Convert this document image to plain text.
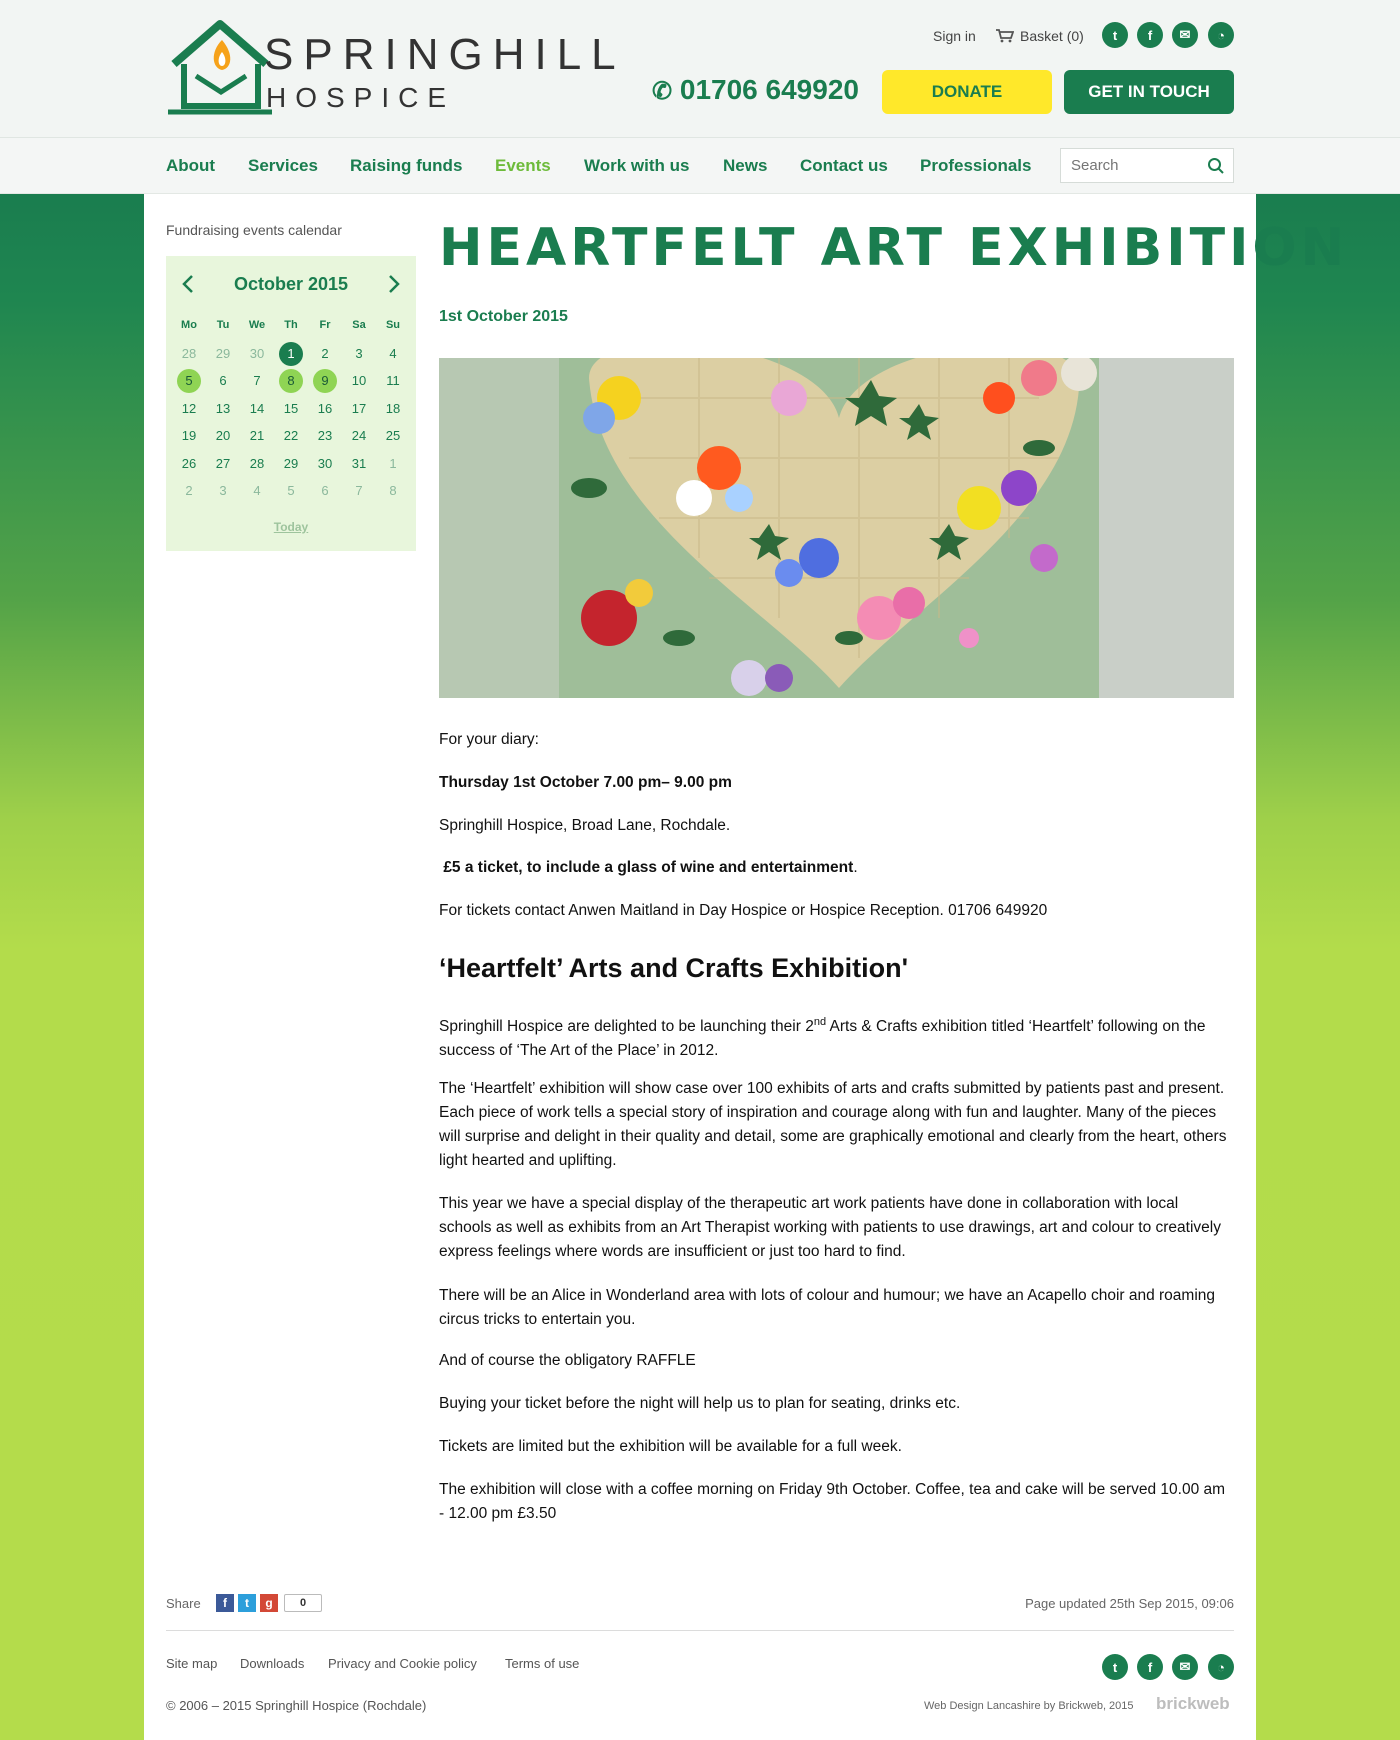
SPRINGHILL
HOSPICE
Sign in	Basket (0)	t	f	✉	◔
✆ 01706 649920	DONATE	GET IN TOUCH
About Services Raising funds Events Work with us News Contact us Professionals
Search
Fundraising events calendar
October 2015
Mo	Tu	We	Th	Fr	Sa	Su
28	29	30	1	2	3	4
5	6	7	8	9	10	11
12	13	14	15	16	17	18
19	20	21	22	23	24	25
26	27	28	29	30	31	1
2	3	4	5	6	7	8
Today
HEARTFELT ART EXHIBITION
1st October 2015
For your diary:
Thursday 1st October 7.00 pm– 9.00 pm
Springhill Hospice, Broad Lane, Rochdale.
£5 a ticket, to include a glass of wine and entertainment.
For tickets contact Anwen Maitland in Day Hospice or Hospice Reception. 01706 649920
‘Heartfelt’ Arts and Crafts Exhibition'
Springhill Hospice are delighted to be launching their 2nd Arts & Crafts exhibition titled ‘Heartfelt’ following on the success of ‘The Art of the Place’ in 2012.
The ‘Heartfelt’ exhibition will show case over 100 exhibits of arts and crafts submitted by patients past and present. Each piece of work tells a special story of inspiration and courage along with fun and laughter. Many of the pieces will surprise and delight in their quality and detail, some are graphically emotional and clearly from the heart, others light hearted and uplifting.
This year we have a special display of the therapeutic art work patients have done in collaboration with local schools as well as exhibits from an Art Therapist working with patients to use drawings, art and colour to creatively express feelings where words are insufficient or just too hard to find.
There will be an Alice in Wonderland area with lots of colour and humour; we have an Acapello choir and roaming circus tricks to entertain you.
And of course the obligatory RAFFLE
Buying your ticket before the night will help us to plan for seating, drinks etc.
Tickets are limited but the exhibition will be available for a full week.
The exhibition will close with a coffee morning on Friday 9th October. Coffee, tea and cake will be served 10.00 am - 12.00 pm £3.50
Share	f	t	g	0	Page updated 25th Sep 2015, 09:06
Site map Downloads Privacy and Cookie policy Terms of use	t	f	✉	◔
© 2006 – 2015 Springhill Hospice (Rochdale)	Web Design Lancashire by Brickweb, 2015 brickweb
